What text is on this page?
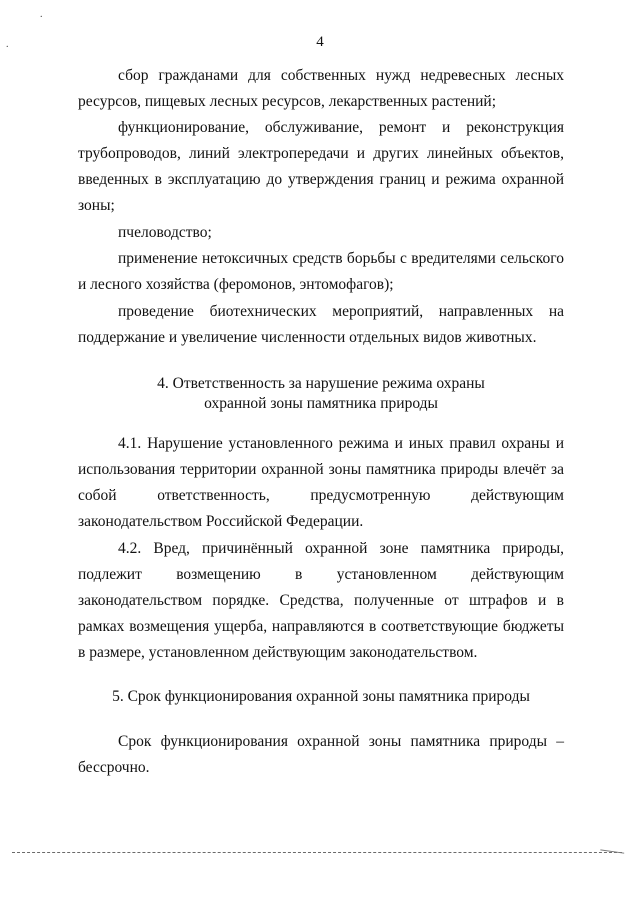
.
.	4

сбор гражданами для собственных нужд недревесных лесных ресурсов, пищевых лесных ресурсов, лекарственных растений;

функционирование, обслуживание, ремонт и реконструкция трубопроводов, линий электропередачи и других линейных объектов, введенных в эксплуатацию до утверждения границ и режима охранной зоны;

пчеловодство;

применение нетоксичных средств борьбы с вредителями сельского и лесного хозяйства (феромонов, энтомофагов);

проведение биотехнических мероприятий, направленных на поддержание и увеличение численности отдельных видов животных.

4. Ответственность за нарушение режима охраны
охранной зоны памятника природы

4.1. Нарушение установленного режима и иных правил охраны и использования территории охранной зоны памятника природы влечёт за собой ответственность, предусмотренную действующим законодательством Российской Федерации.

4.2. Вред, причинённый охранной зоне памятника природы, подлежит возмещению в установленном действующим законодательством порядке. Средства, полученные от штрафов и в рамках возмещения ущерба, направляются в соответствующие бюджеты в размере, установленном действующим законодательством.

5. Срок функционирования охранной зоны памятника природы

Срок функционирования охранной зоны памятника природы – бессрочно.
